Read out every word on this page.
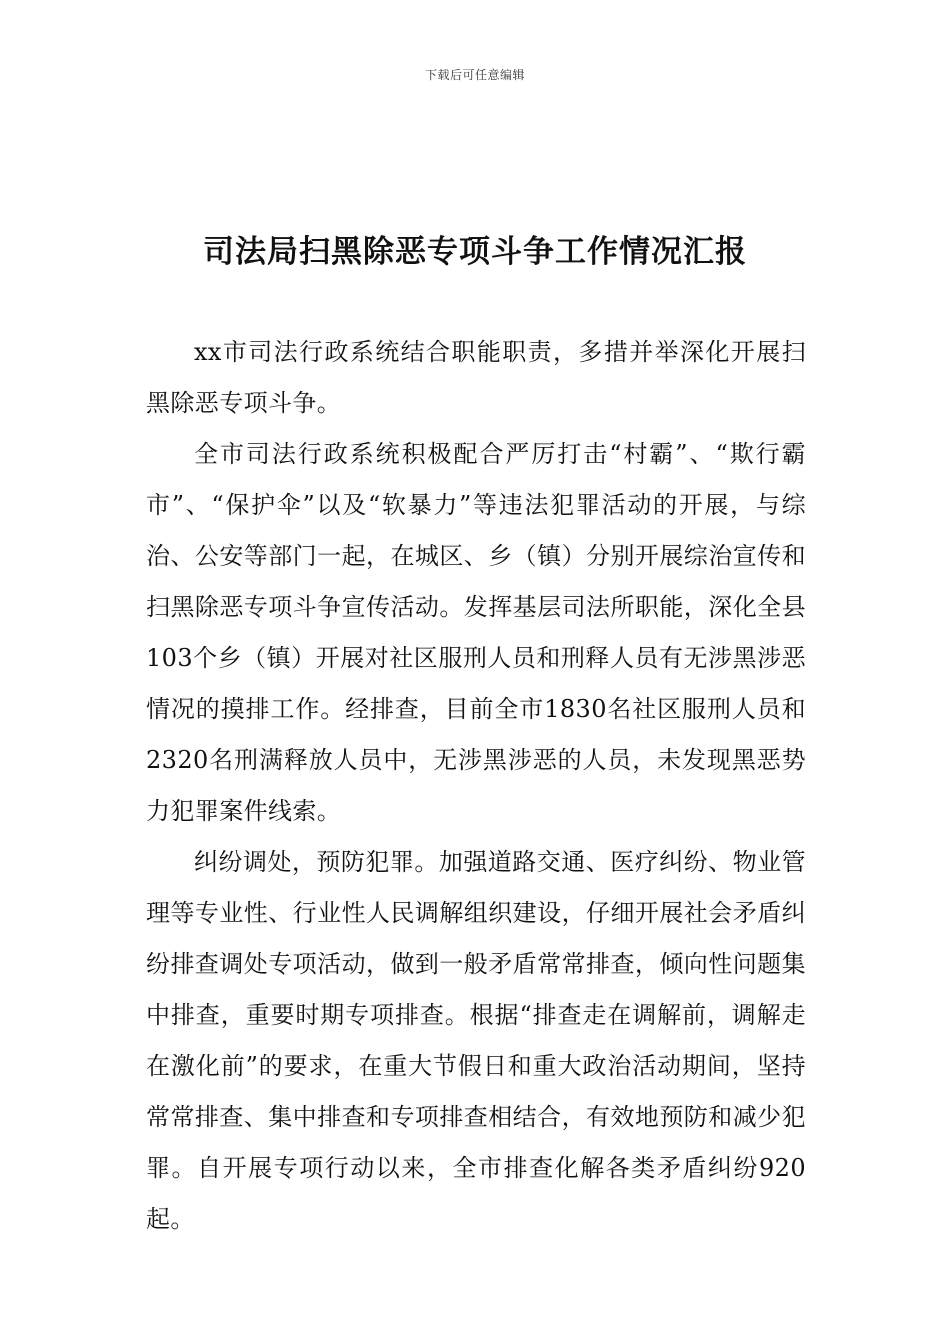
下载后可任意编辑
司法局扫黑除恶专项斗争工作情况汇报

xx市司法行政系统结合职能职责，多措并举深化开展扫黑除恶专项斗争。

全市司法行政系统积极配合严厉打击“村霸”、“欺行霸市”、“保护伞”以及“软暴力”等违法犯罪活动的开展，与综治、公安等部门一起，在城区、乡（镇）分别开展综治宣传和扫黑除恶专项斗争宣传活动。发挥基层司法所职能，深化全县103个乡（镇）开展对社区服刑人员和刑释人员有无涉黑涉恶情况的摸排工作。经排查，目前全市1830名社区服刑人员和2320名刑满释放人员中，无涉黑涉恶的人员，未发现黑恶势力犯罪案件线索。

纠纷调处，预防犯罪。加强道路交通、医疗纠纷、物业管理等专业性、行业性人民调解组织建设，仔细开展社会矛盾纠纷排查调处专项活动，做到一般矛盾常常排查，倾向性问题集中排查，重要时期专项排查。根据“排查走在调解前，调解走在激化前”的要求，在重大节假日和重大政治活动期间，坚持常常排查、集中排查和专项排查相结合，有效地预防和减少犯罪。自开展专项行动以来，全市排查化解各类矛盾纠纷920起。
